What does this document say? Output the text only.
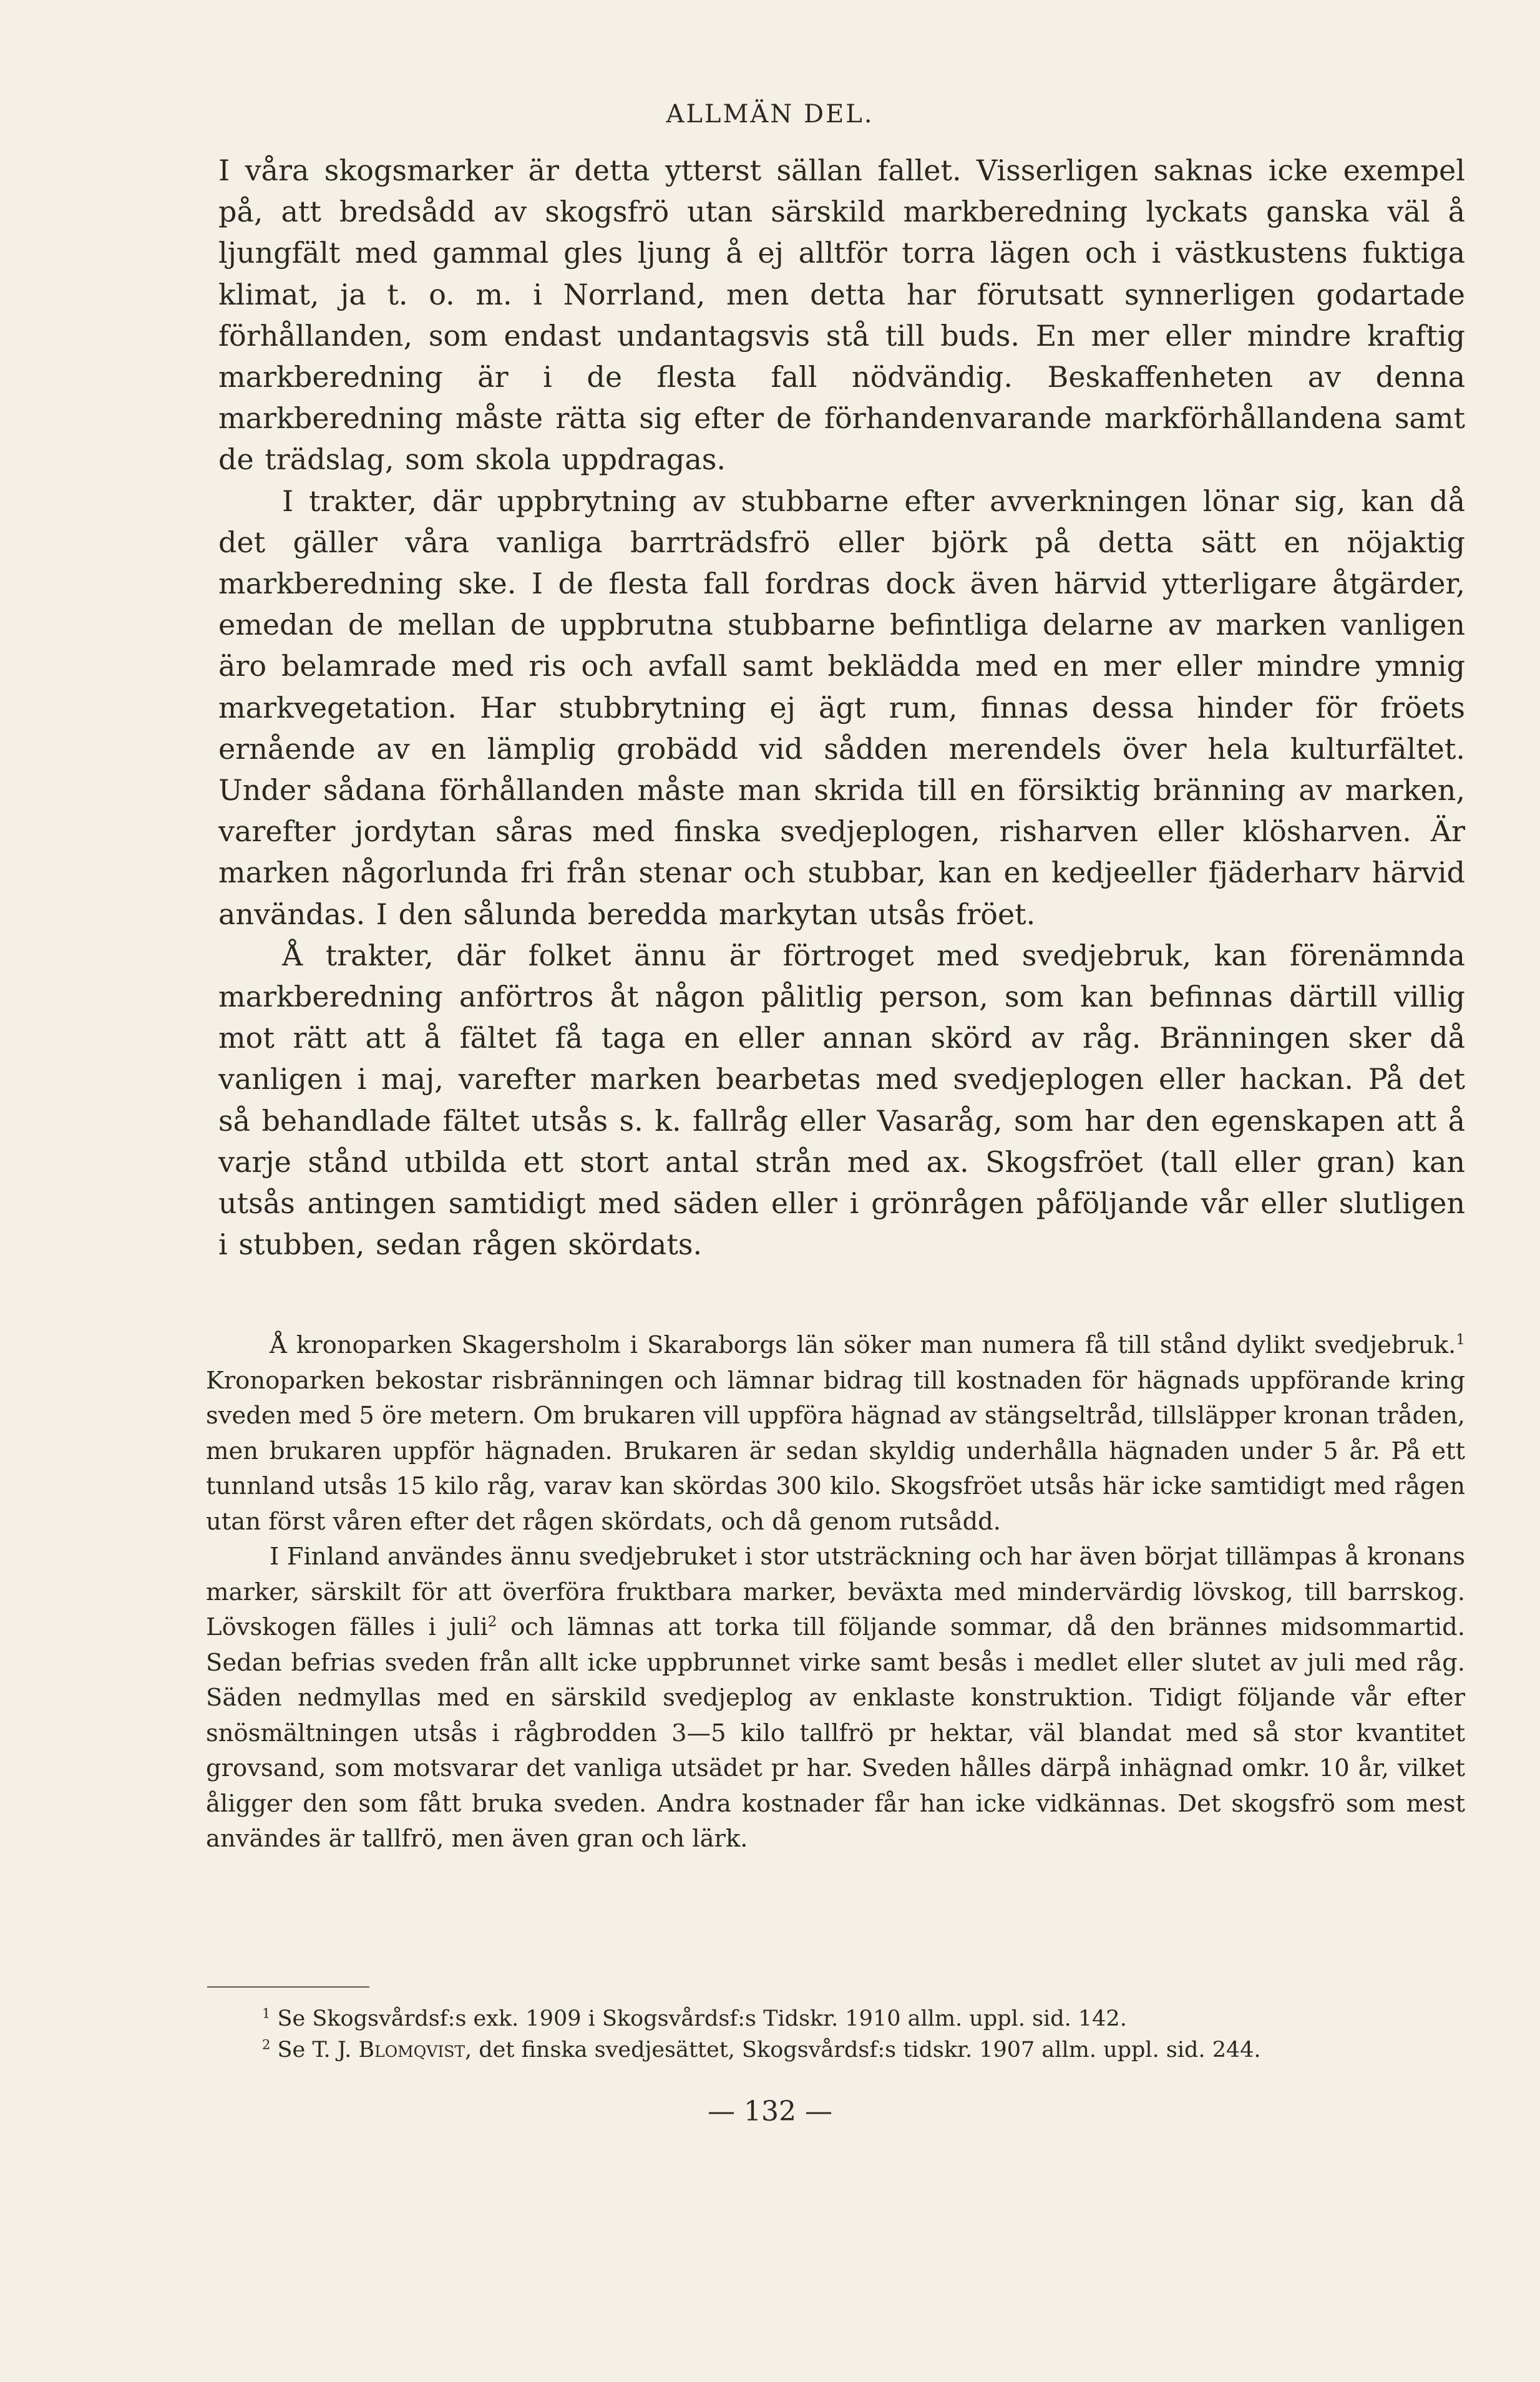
ALLMÄN DEL.

I våra skogsmarker är detta ytterst sällan fallet. Visserligen saknas icke exempel på, att bredsådd av skogsfrö utan särskild markberedning lyckats ganska väl å ljungfält med gammal gles ljung å ej alltför torra lägen och i västkustens fuktiga klimat, ja t. o. m. i Norrland, men detta har förutsatt synnerligen godartade förhållanden, som endast undantagsvis stå till buds. En mer eller mindre kraftig markberedning är i de flesta fall nödvändig. Beskaffenheten av denna markberedning måste rätta sig efter de förhandenvarande markförhållandena samt de trädslag, som skola uppdragas.

I trakter, där uppbrytning av stubbarne efter avverkningen lönar sig, kan då det gäller våra vanliga barrträdsfrö eller björk på detta sätt en nöjaktig markberedning ske. I de flesta fall fordras dock även härvid ytterligare åtgärder, emedan de mellan de uppbrutna stubbarne befintliga delarne av marken vanligen äro belamrade med ris och avfall samt beklädda med en mer eller mindre ymnig markvegetation. Har stubbrytning ej ägt rum, finnas dessa hinder för fröets ernående av en lämplig grobädd vid sådden merendels över hela kulturfältet. Under sådana förhållanden måste man skrida till en försiktig bränning av marken, varefter jordytan såras med finska svedjeplogen, risharven eller klösharven. Är marken någorlunda fri från stenar och stubbar, kan en kedjeeller fjäderharv härvid användas. I den sålunda beredda markytan utsås fröet.

Å trakter, där folket ännu är förtroget med svedjebruk, kan förenämnda markberedning anförtros åt någon pålitlig person, som kan befinnas därtill villig mot rätt att å fältet få taga en eller annan skörd av råg. Bränningen sker då vanligen i maj, varefter marken bearbetas med svedjeplogen eller hackan. På det så behandlade fältet utsås s. k. fallråg eller Vasaråg, som har den egenskapen att å varje stånd utbilda ett stort antal strån med ax. Skogsfröet (tall eller gran) kan utsås antingen samtidigt med säden eller i grönrågen påföljande vår eller slutligen i stubben, sedan rågen skördats.

Å kronoparken Skagersholm i Skaraborgs län söker man numera få till stånd dylikt svedjebruk.$^1$ Kronoparken bekostar risbränningen och lämnar bidrag till kostnaden för hägnads uppförande kring sveden med 5 öre metern. Om brukaren vill uppföra hägnad av stängseltråd, tillsläpper kronan tråden, men brukaren uppför hägnaden. Brukaren är sedan skyldig underhålla hägnaden under 5 år. På ett tunnland utsås 15 kilo råg, varav kan skördas 300 kilo. Skogsfröet utsås här icke samtidigt med rågen utan först våren efter det rågen skördats, och då genom rutsådd.

I Finland användes ännu svedjebruket i stor utsträckning och har även börjat tillämpas å kronans marker, särskilt för att överföra fruktbara marker, beväxta med mindervärdig lövskog, till barrskog. Lövskogen fälles i juli$^2$ och lämnas att torka till följande sommar, då den brännes midsommartid. Sedan befrias sveden från allt icke uppbrunnet virke samt besås i medlet eller slutet av juli med råg. Säden nedmyllas med en särskild svedjeplog av enklaste konstruktion. Tidigt följande vår efter snösmältningen utsås i rågbrodden 3—5 kilo tallfrö pr hektar, väl blandat med så stor kvantitet grovsand, som motsvarar det vanliga utsädet pr har. Sveden hålles därpå inhägnad omkr. 10 år, vilket åligger den som fått bruka sveden. Andra kostnader får han icke vidkännas. Det skogsfrö som mest användes är tallfrö, men även gran och lärk.

$^1$ Se Skogsvårdsf:s exk. 1909 i Skogsvårdsf:s Tidskr. 1910 allm. uppl. sid. 142.
$^2$ Se T. J. Blomqvist, det finska svedjesättet, Skogsvårdsf:s tidskr. 1907 allm. uppl. sid. 244.
— 132 —
